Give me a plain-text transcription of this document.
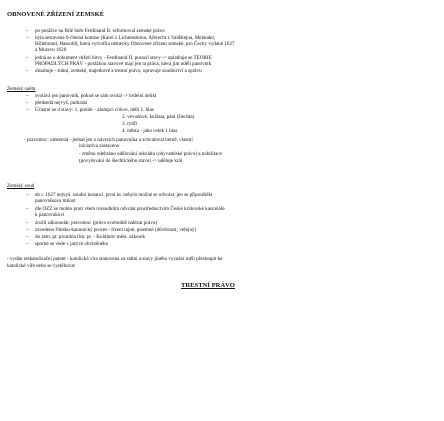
OBNOVENÉ ZŘÍZENÍ ZEMSKÉ
– po porážce na Bílé hoře Ferdinand II. reformoval zemské právo
– byla sestavena 6-členná komise (Karel z Lichtensteinu, Albrecht z Valdštejna, Melander,
Hillebrand, Hassold), která vytvořila německy Obnovené zřízení zemské, pro Čechy vydané 1627
a Moravu 1628
– jedná se o dokument vítězů bitvy - Ferdinand II. porazil stavy -> uplatňuje se TEORIE
PROPADLÝCH PRÁV - porážkou stavové mají jen ta práva, která jim udělí panovník
– obsahuje - státní, zemské, majetkové a trestní právo, upravuje soudnictví a správu
Zemský sněm
– svolává jen panovník, pokud se sám svolal -> hrdelní delikt
– předsedá nejvyš. purkrabí
– Účastní se 4 stavy: 1. preláti - zástupci církve, měli 1. hlas
2. vévodové, knížata, páni (šlechta)
3. rytíři
4. města - jako celek 1 hlas
- pravomoc: omezená - jednal jen o návrzích panovníka a schvaloval berně, vlastní
iniciativa zastavena
- změnu odebráno udělování inkolátu (obyvatelské právo) a nobilitace
(povyšování do šlechtického stavu) -> uděluje král
Zemský soud
– do r. 1627 nejvyš. soudní instancí, proti kt. nebylo možné se odvolat, jen se připouštěla
panovníkova milost
– dle OZZ se mohlo proti všem rozsudkům odvolat prostřednictvím České královské kanceláře
k panovníkovi
– zrušil zákonodár. pravomoc (právo svobodně nalézat právo)
– zavedeno římsko-kanonický proces - řízení tajné, písemné (důvěrnost, veřejný)
– do zem. pr. pronikla řím. pr. - Koldínův měst. zákoník
– sporné se vede v jazyce obviněného
- vydán reskatolizační patent - katolická víra stanovena za státní a stavy jiného vyznání měli přestoupit ke
katolické víře nebo se vystěhovat
TRESTNÍ PRÁVO
